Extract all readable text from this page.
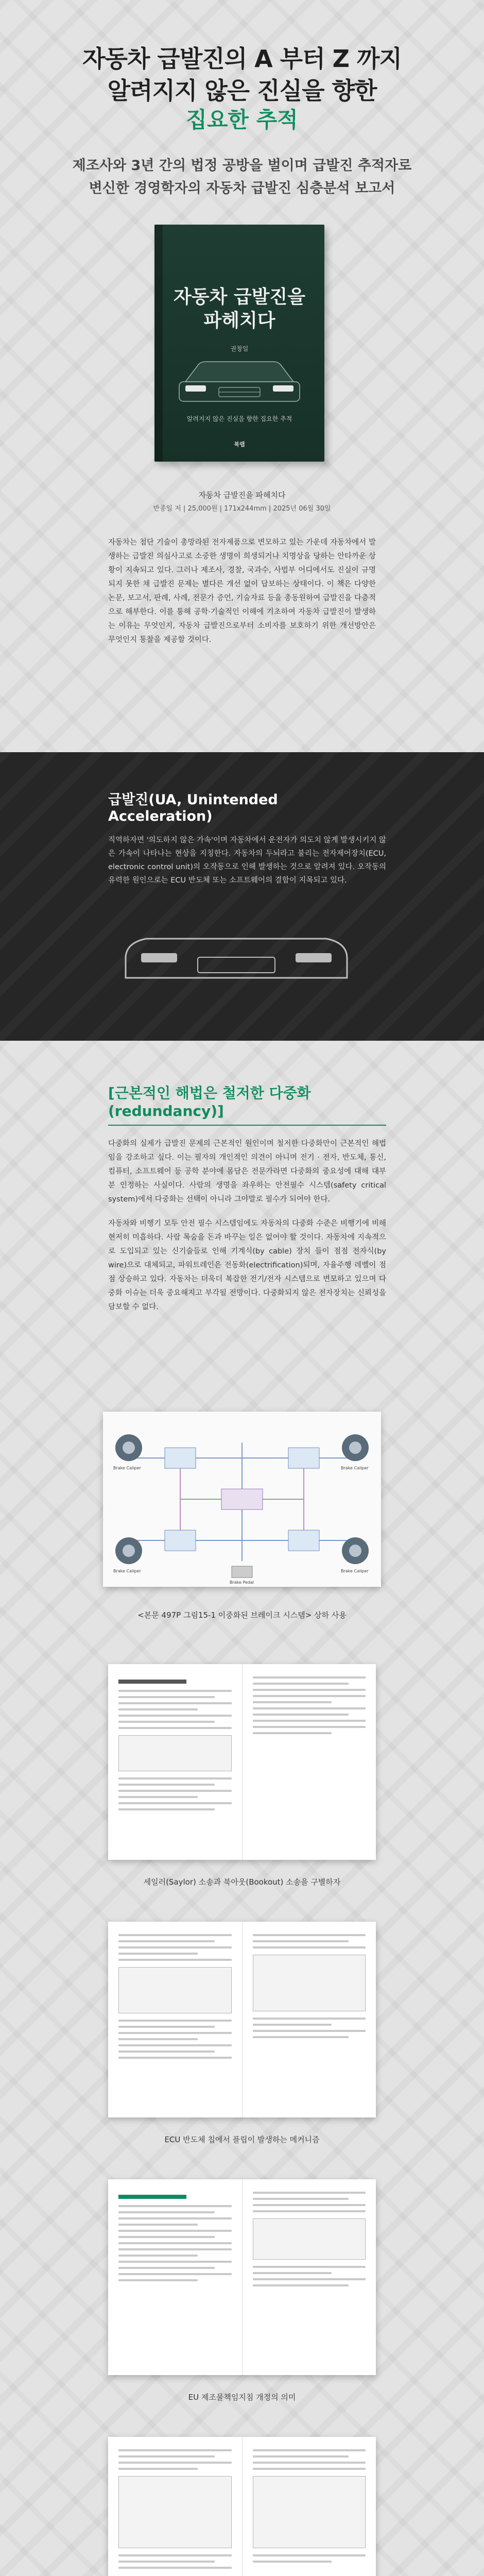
자동차 급발진의 A 부터 Z 까지
알려지지 않은 진실을 향한
집요한 추적
제조사와 3년 간의 법정 공방을 벌이며 급발진 추적자로
변신한 경영학자의 자동차 급발진 심층분석 보고서
자동차 급발진을
파헤치다
권창일
알려지지 않은 진실을 향한 집요한 추적
북랩
자동차 급발진을 파헤치다
반종일 저 | 25,000원 | 171x244mm | 2025년 06월 30일
자동차는 첨단 기술이 총망라된 전자제품으로 변모하고 있는 가운데 자동차에서 발생하는 급발진 의심사고로 소중한 생명이 희생되거나 치명상을 당하는 안타까운 상황이 지속되고 있다. 그러나 제조사, 경찰, 국과수, 사법부 어디에서도 진실이 규명되지 못한 채 급발진 문제는 별다른 개선 없이 답보하는 상태이다. 이 책은 다양한 논문, 보고서, 판례, 사례, 전문가 증언, 기술자료 등을 총동원하여 급발진을 다층적으로 해부한다. 이를 통해 공학·기술적인 이해에 기초하여 자동차 급발진이 발생하는 이유는 무엇인지, 자동차 급발진으로부터 소비자를 보호하기 위한 개선방안은 무엇인지 통찰을 제공할 것이다.
급발진(UA, Unintended Acceleration)
직역하자면 '의도하지 않은 가속'이며 자동차에서 운전자가 의도치 않게 발생시키지 않은 가속이 나타나는 현상을 지칭한다. 자동차의 두뇌라고 불리는 전자제어장치(ECU, electronic control unit)의 오작동으로 인해 발생하는 것으로 알려져 있다. 오작동의 유력한 원인으로는 ECU 반도체 또는 소프트웨어의 결함이 지목되고 있다.
[근본적인 해법은 철저한 다중화(redundancy)]
다중화의 실제가 급발진 문제의 근본적인 원인이며 철저한 다중화만이 근본적인 해법임을 강조하고 싶다. 이는 필자의 개인적인 의견이 아니며 전기 · 전자, 반도체, 통신, 컴퓨터, 소프트웨어 등 공학 분야에 몸담은 전문가라면 다중화의 중요성에 대해 대부분 인정하는 사실이다. 사람의 생명을 좌우하는 안전필수 시스템(safety critical system)에서 다중화는 선택이 아니라 그야말로 필수가 되어야 한다.
자동차와 비행기 모두 안전 필수 시스템임에도 자동차의 다중화 수준은 비행기에 비해 현저히 미흡하다. 사람 목숨을 돈과 바꾸는 일은 없어야 할 것이다. 자동차에 지속적으로 도입되고 있는 신기술들로 인해 기계식(by cable) 장치 들이 점점 전자식(by wire)으로 대체되고, 파워트레인은 전동화(electrification)되며, 자율주행 레벨이 점점 상승하고 있다. 자동차는 더욱더 복잡한 전기/전자 시스템으로 변모하고 있으며 다중화 이슈는 더욱 중요해지고 부각될 전망이다. 다중화되지 않은 전자장치는 신뢰성을 담보할 수 없다.
Brake Caliper	Brake Caliper
Brake Pedal
Brake Caliper	Brake Caliper
<본문 497P 그림15-1 이중화된 브레이크 시스템> 상하 사용
세일러(Saylor) 소송과 북아웃(Bookout) 소송을 구별하자
ECU 반도체 칩에서 플립이 발생하는 메커니즘
EU 제조물책임지침 개정의 의미
